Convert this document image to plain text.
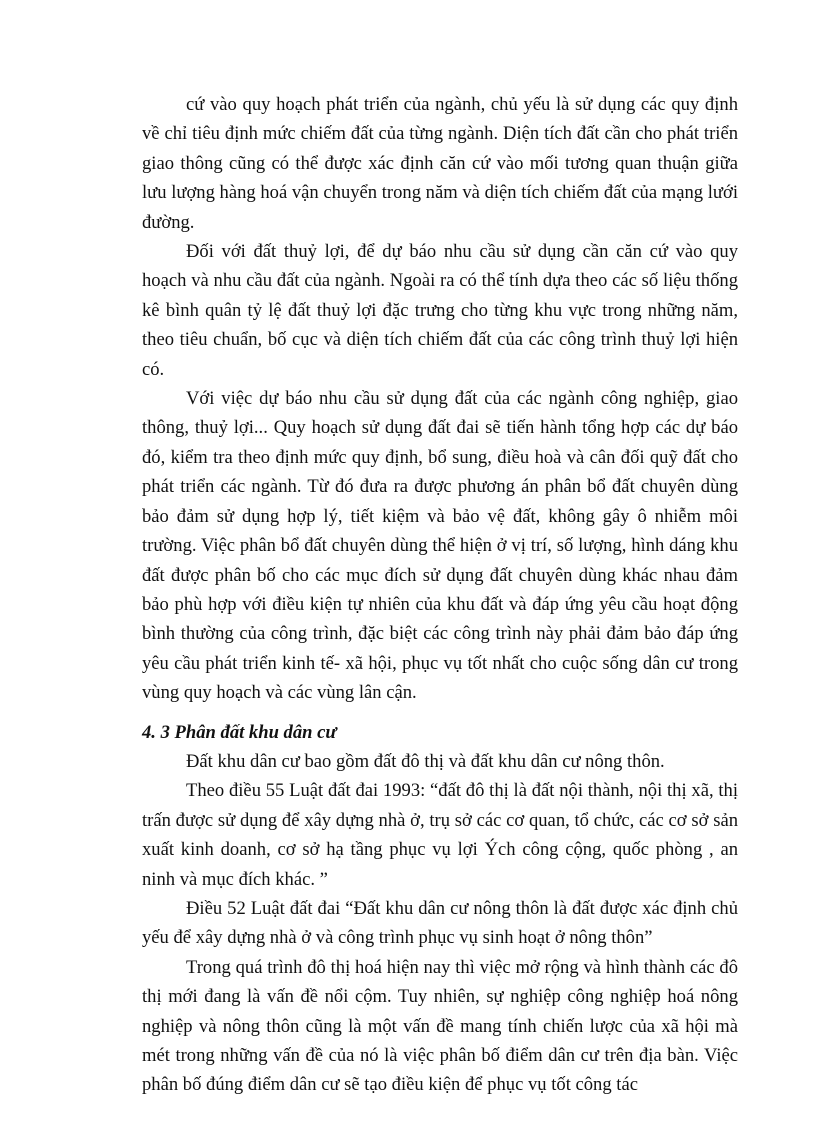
cứ vào quy hoạch phát triển của ngành, chủ yếu là sử dụng các quy định về chỉ tiêu định mức chiếm đất của từng ngành. Diện tích đất cần cho phát triển giao thông cũng có thể được xác định căn cứ vào mối tương quan thuận giữa lưu lượng hàng hoá vận chuyển trong năm và diện tích chiếm đất của mạng lưới đường.

Đối với đất thuỷ lợi, để dự báo nhu cầu sử dụng cần căn cứ vào quy hoạch và nhu cầu đất của ngành. Ngoài ra có thể tính dựa theo các số liệu thống kê bình quân tỷ lệ đất thuỷ lợi đặc trưng cho từng khu vực trong những năm, theo tiêu chuẩn, bố cục và diện tích chiếm đất của các công trình thuỷ lợi hiện có.

Với việc dự báo nhu cầu sử dụng đất của các ngành công nghiệp, giao thông, thuỷ lợi... Quy hoạch sử dụng đất đai sẽ tiến hành tổng hợp các dự báo đó, kiểm tra theo định mức quy định, bổ sung, điều hoà và cân đối quỹ đất cho phát triển các ngành. Từ đó đưa ra được phương án phân bổ đất chuyên dùng bảo đảm sử dụng hợp lý, tiết kiệm và bảo vệ đất, không gây ô nhiễm môi trường. Việc phân bổ đất chuyên dùng thể hiện ở vị trí, số lượng, hình dáng khu đất được phân bố cho các mục đích sử dụng đất chuyên dùng khác nhau đảm bảo phù hợp với điều kiện tự nhiên của khu đất và đáp ứng yêu cầu hoạt động bình thường của công trình, đặc biệt các công trình này phải đảm bảo đáp ứng yêu cầu phát triển kinh tế- xã hội, phục vụ tốt nhất cho cuộc sống dân cư trong vùng quy hoạch và các vùng lân cận.

4. 3 Phân đất khu dân cư

Đất khu dân cư bao gồm đất đô thị và đất khu dân cư nông thôn.

Theo điều 55 Luật đất đai 1993: “đất đô thị là đất nội thành, nội thị xã, thị trấn được sử dụng để xây dựng nhà ở, trụ sở các cơ quan, tổ chức, các cơ sở sản xuất kinh doanh, cơ sở hạ tầng phục vụ lợi Ých công cộng, quốc phòng , an ninh và mục đích khác. ”

Điều 52 Luật đất đai “Đất khu dân cư nông thôn là đất được xác định chủ yếu để xây dựng nhà ở và công trình phục vụ sinh hoạt ở nông thôn”

Trong quá trình đô thị hoá hiện nay thì việc mở rộng và hình thành các đô thị mới đang là vấn đề nổi cộm. Tuy nhiên, sự nghiệp công nghiệp hoá nông nghiệp và nông thôn cũng là một vấn đề mang tính chiến lược của xã hội mà mét trong những vấn đề của nó là việc phân bố điểm dân cư trên địa bàn. Việc phân bố đúng điểm dân cư sẽ tạo điều kiện để phục vụ tốt công tác
